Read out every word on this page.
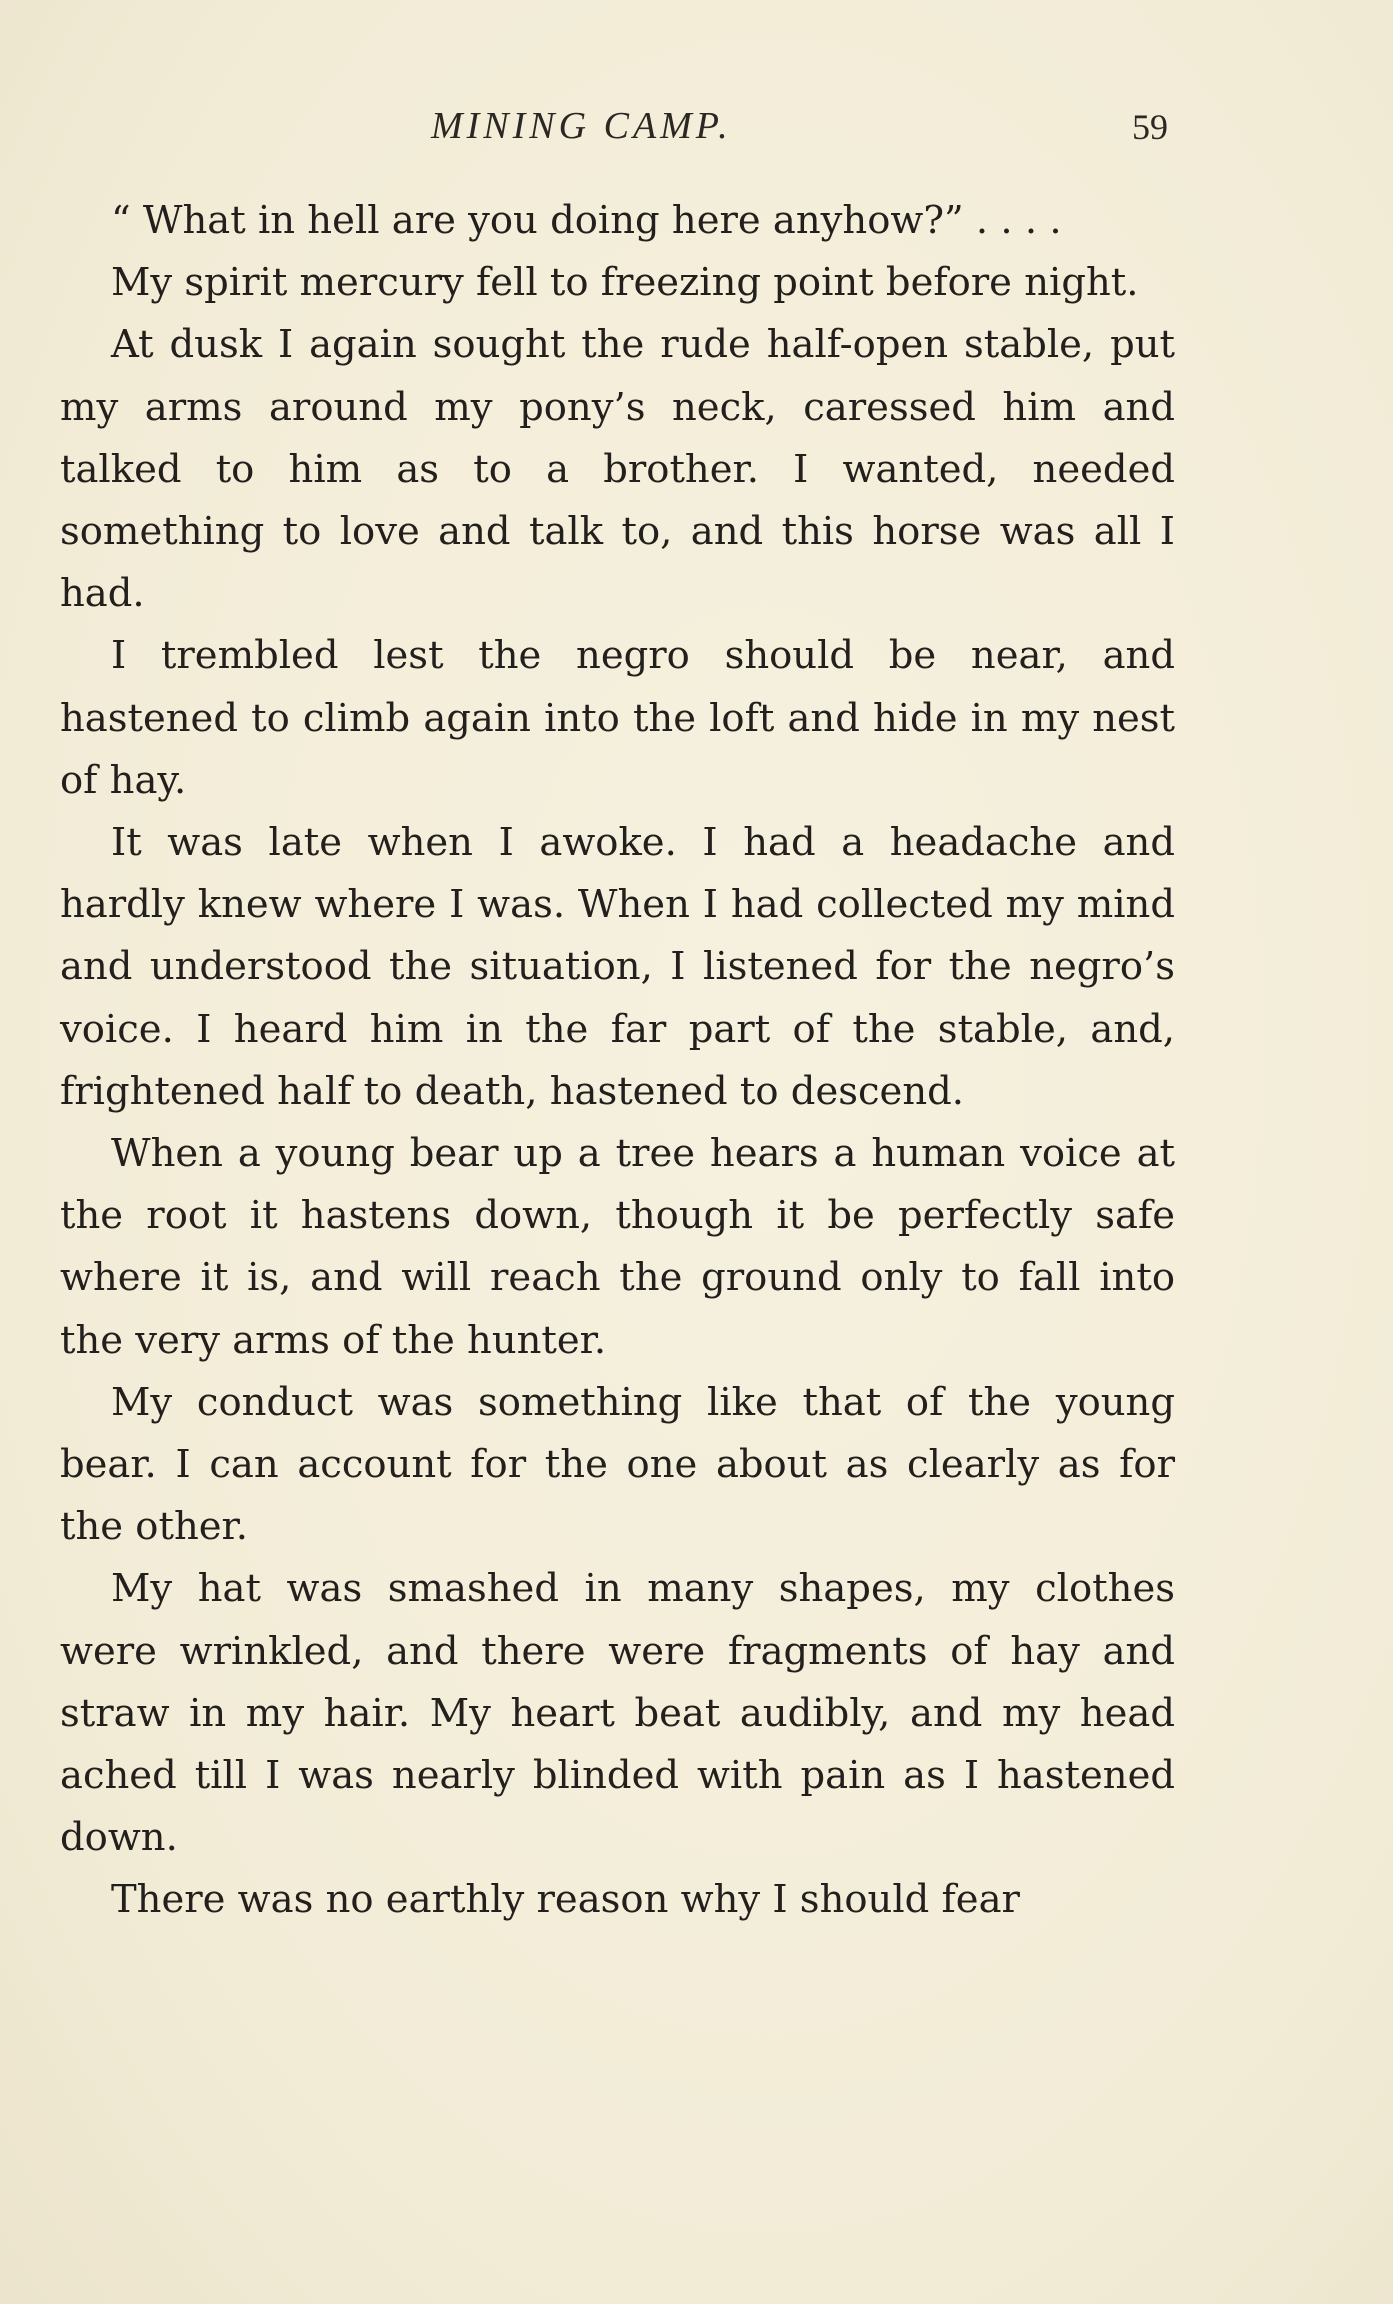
MINING CAMP.	59

“ What in hell are you doing here anyhow?” . . . .

My spirit mercury fell to freezing point before night.

At dusk I again sought the rude half-open stable, put my arms around my pony’s neck, caressed him and talked to him as to a brother. I wanted, needed something to love and talk to, and this horse was all I had.

I trembled lest the negro should be near, and hastened to climb again into the loft and hide in my nest of hay.

It was late when I awoke. I had a headache and hardly knew where I was. When I had collected my mind and understood the situation, I listened for the negro’s voice. I heard him in the far part of the stable, and, frightened half to death, hastened to descend.

When a young bear up a tree hears a human voice at the root it hastens down, though it be perfectly safe where it is, and will reach the ground only to fall into the very arms of the hunter.

My conduct was something like that of the young bear. I can account for the one about as clearly as for the other.

My hat was smashed in many shapes, my clothes were wrinkled, and there were fragments of hay and straw in my hair. My heart beat audibly, and my head ached till I was nearly blinded with pain as I hastened down.

There was no earthly reason why I should fear
